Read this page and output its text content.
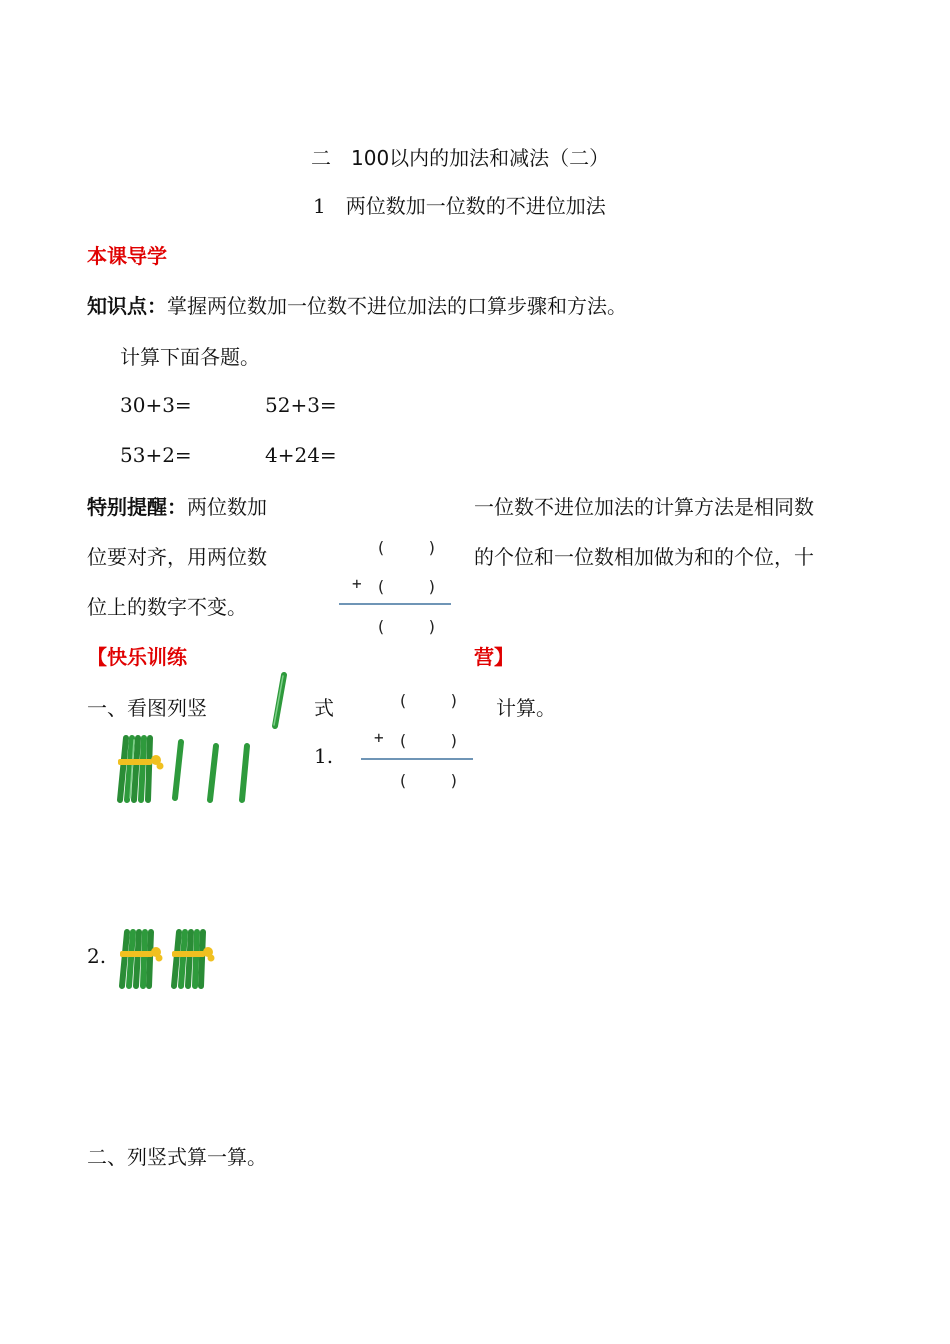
二　100以内的加法和减法（二）
1　两位数加一位数的不进位加法
本课导学
知识点：掌握两位数加一位数不进位加法的口算步骤和方法。
计算下面各题。
30+3=	52+3=
53+2=	4+24=
特别提醒：两位数加	一位数不进位加法的计算方法是相同数
位要对齐，用两位数	的个位和一位数相加做为和的个位，十
位上的数字不变。
(　　 )
+ (　　 )
(　　 )
【快乐训练	营】
一、看图列竖	式	计算。
1.
(　　 )
+ (　　 )
(　　 )
2.
二、列竖式算一算。
